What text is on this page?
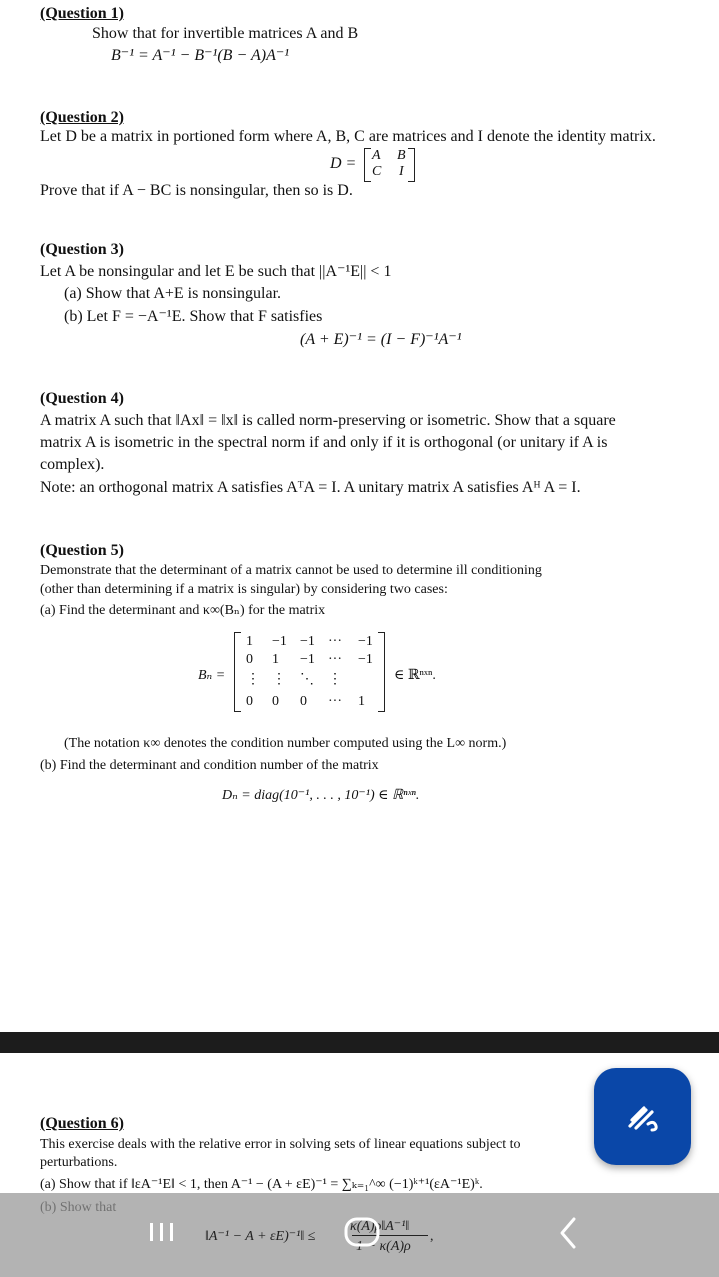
(Question 1)
Show that for invertible matrices A and B
B⁻¹ = A⁻¹ − B⁻¹(B − A)A⁻¹
(Question 2)
Let D be a matrix in portioned form where A, B, C are matrices and I denote the identity matrix.
D = A B
C I
Prove that if A − BC is nonsingular, then so is D.
(Question 3)
Let A be nonsingular and let E be such that ||A⁻¹E|| < 1
(a) Show that A+E is nonsingular.
(b) Let F = −A⁻¹E. Show that F satisfies
(A + E)⁻¹ = (I − F)⁻¹A⁻¹
(Question 4)
A matrix A such that ‖Ax‖ = ‖x‖ is called norm-preserving or isometric. Show that a square
matrix A is isometric in the spectral norm if and only if it is orthogonal (or unitary if A is
complex).
Note: an orthogonal matrix A satisfies AᵀA = I. A unitary matrix A satisfies Aᴴ A = I.
(Question 5)
Demonstrate that the determinant of a matrix cannot be used to determine ill conditioning
(other than determining if a matrix is singular) by considering two cases:
(a) Find the determinant and κ∞(Bₙ) for the matrix
Bₙ =
1 −1 −1 ··· −1
0 1 −1 ··· −1
⋮ ⋮ ⋱ ⋮
0 0 0 ··· 1
∈ ℝⁿˣⁿ.
(The notation κ∞ denotes the condition number computed using the L∞ norm.)
(b) Find the determinant and condition number of the matrix
Dₙ = diag(10⁻¹, . . . , 10⁻¹) ∈ ℝⁿˣⁿ.
(Question 6)
This exercise deals with the relative error in solving sets of linear equations subject to
perturbations.
(a) Show that if ‖εA⁻¹E‖ < 1, then A⁻¹ − (A + εE)⁻¹ = ∑ₖ₌₁^∞ (−1)ᵏ⁺¹(εA⁻¹E)ᵏ.
‖A⁻¹ − A + εE)⁻¹‖ ≤
κ(A)ρ‖A⁻¹‖
1 − κ(A)ρ
,
